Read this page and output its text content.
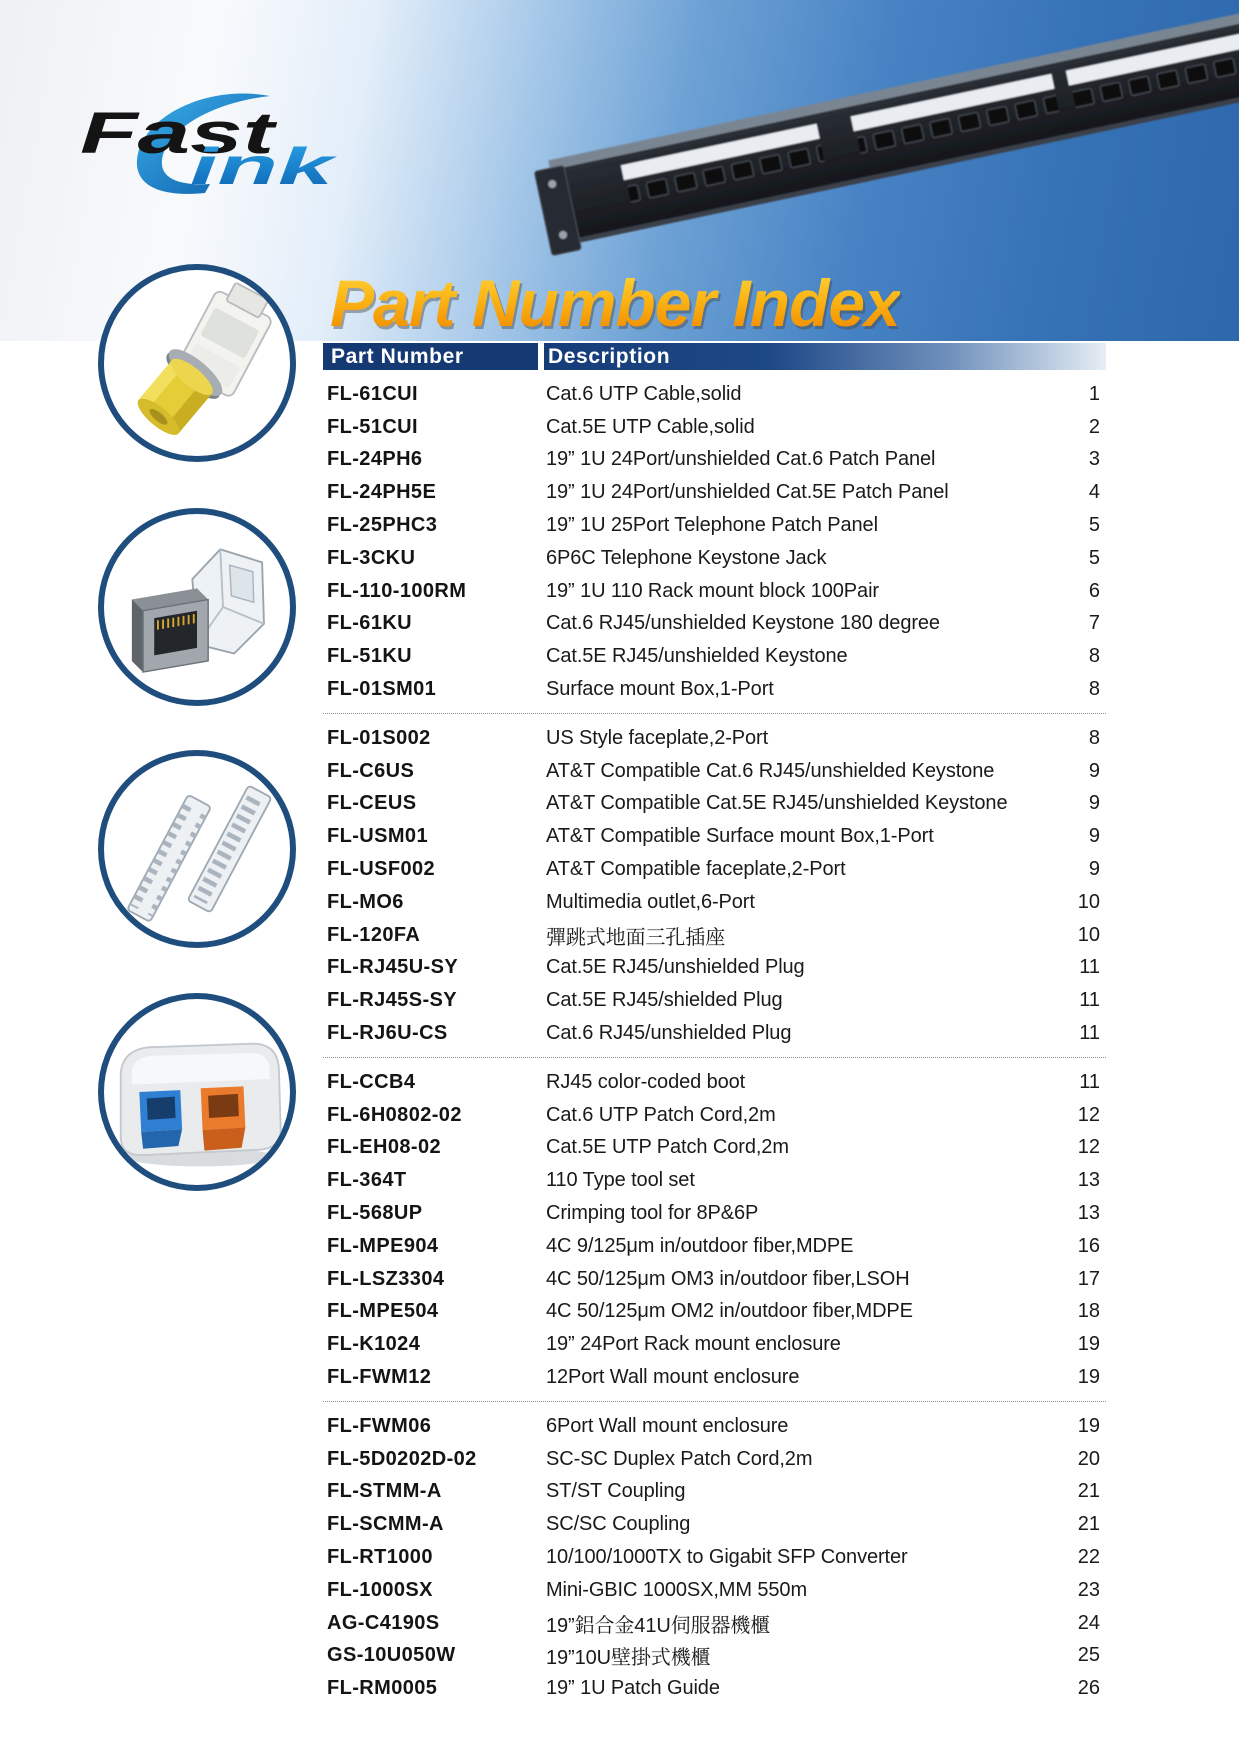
Fast
ink
Part Number Index
Part Number	Description
FL-61CUI	Cat.6 UTP Cable,solid	1
FL-51CUI	Cat.5E UTP Cable,solid	2
FL-24PH6	19” 1U 24Port/unshielded Cat.6 Patch Panel	3
FL-24PH5E	19” 1U 24Port/unshielded Cat.5E Patch Panel	4
FL-25PHC3	19” 1U 25Port Telephone Patch Panel	5
FL-3CKU	6P6C Telephone Keystone Jack	5
FL-110-100RM	19” 1U 110 Rack mount block 100Pair	6
FL-61KU	Cat.6 RJ45/unshielded Keystone 180 degree	7
FL-51KU	Cat.5E RJ45/unshielded Keystone	8
FL-01SM01	Surface mount Box,1-Port	8
FL-01S002	US Style faceplate,2-Port	8
FL-C6US	AT&T Compatible Cat.6 RJ45/unshielded Keystone	9
FL-CEUS	AT&T Compatible Cat.5E RJ45/unshielded Keystone	9
FL-USM01	AT&T Compatible Surface mount Box,1-Port	9
FL-USF002	AT&T Compatible faceplate,2-Port	9
FL-MO6	Multimedia outlet,6-Port	10
FL-120FA	彈跳式地面三孔插座	10
FL-RJ45U-SY	Cat.5E RJ45/unshielded Plug	11
FL-RJ45S-SY	Cat.5E RJ45/shielded Plug	11
FL-RJ6U-CS	Cat.6 RJ45/unshielded Plug	11
FL-CCB4	RJ45 color-coded boot	11
FL-6H0802-02	Cat.6 UTP Patch Cord,2m	12
FL-EH08-02	Cat.5E UTP Patch Cord,2m	12
FL-364T	110 Type tool set	13
FL-568UP	Crimping tool for 8P&6P	13
FL-MPE904	4C 9/125μm in/outdoor fiber,MDPE	16
FL-LSZ3304	4C 50/125μm OM3 in/outdoor fiber,LSOH	17
FL-MPE504	4C 50/125μm OM2 in/outdoor fiber,MDPE	18
FL-K1024	19” 24Port Rack mount enclosure	19
FL-FWM12	12Port Wall mount enclosure	19
FL-FWM06	6Port Wall mount enclosure	19
FL-5D0202D-02	SC-SC Duplex Patch Cord,2m	20
FL-STMM-A	ST/ST Coupling	21
FL-SCMM-A	SC/SC Coupling	21
FL-RT1000	10/100/1000TX to Gigabit SFP Converter	22
FL-1000SX	Mini-GBIC 1000SX,MM 550m	23
AG-C4190S	19”鋁合金41U伺服器機櫃	24
GS-10U050W	19”10U壁掛式機櫃	25
FL-RM0005	19” 1U Patch Guide	26
